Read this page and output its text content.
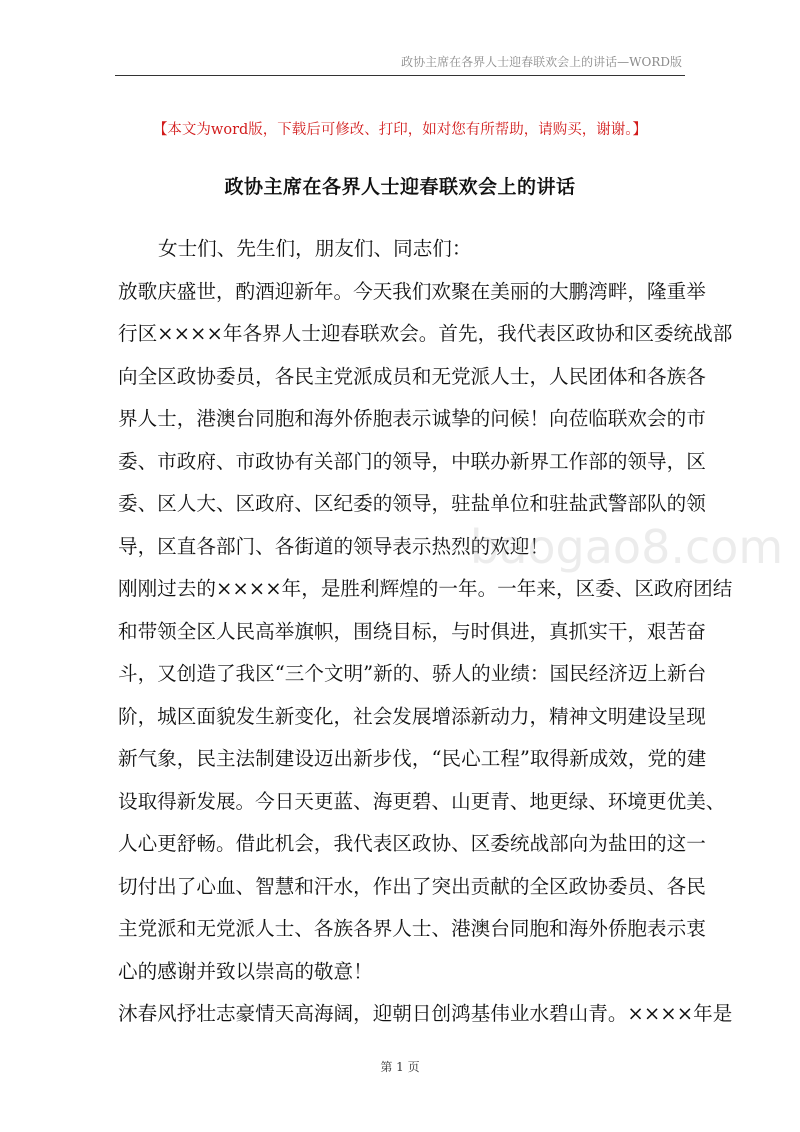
政协主席在各界人士迎春联欢会上的讲话—WORD版
【本文为word版，下载后可修改、打印，如对您有所帮助，请购买，谢谢。】
政协主席在各界人士迎春联欢会上的讲话
女士们、先生们，朋友们、同志们：
放歌庆盛世，酌酒迎新年。今天我们欢聚在美丽的大鹏湾畔，隆重举
行区××××年各界人士迎春联欢会。首先，我代表区政协和区委统战部
向全区政协委员，各民主党派成员和无党派人士，人民团体和各族各
界人士，港澳台同胞和海外侨胞表示诚挚的问候！向莅临联欢会的市
委、市政府、市政协有关部门的领导，中联办新界工作部的领导，区
委、区人大、区政府、区纪委的领导，驻盐单位和驻盐武警部队的领
导，区直各部门、各街道的领导表示热烈的欢迎！
刚刚过去的××××年，是胜利辉煌的一年。一年来，区委、区政府团结
和带领全区人民高举旗帜，围绕目标，与时俱进，真抓实干，艰苦奋
斗，又创造了我区“三个文明”新的、骄人的业绩：国民经济迈上新台
阶，城区面貌发生新变化，社会发展增添新动力，精神文明建设呈现
新气象，民主法制建设迈出新步伐，“民心工程”取得新成效，党的建
设取得新发展。今日天更蓝、海更碧、山更青、地更绿、环境更优美、
人心更舒畅。借此机会，我代表区政协、区委统战部向为盐田的这一
切付出了心血、智慧和汗水，作出了突出贡献的全区政协委员、各民
主党派和无党派人士、各族各界人士、港澳台同胞和海外侨胞表示衷
心的感谢并致以崇高的敬意！
沐春风抒壮志豪情天高海阔，迎朝日创鸿基伟业水碧山青。××××年是
baogao8.com
第 1 页
